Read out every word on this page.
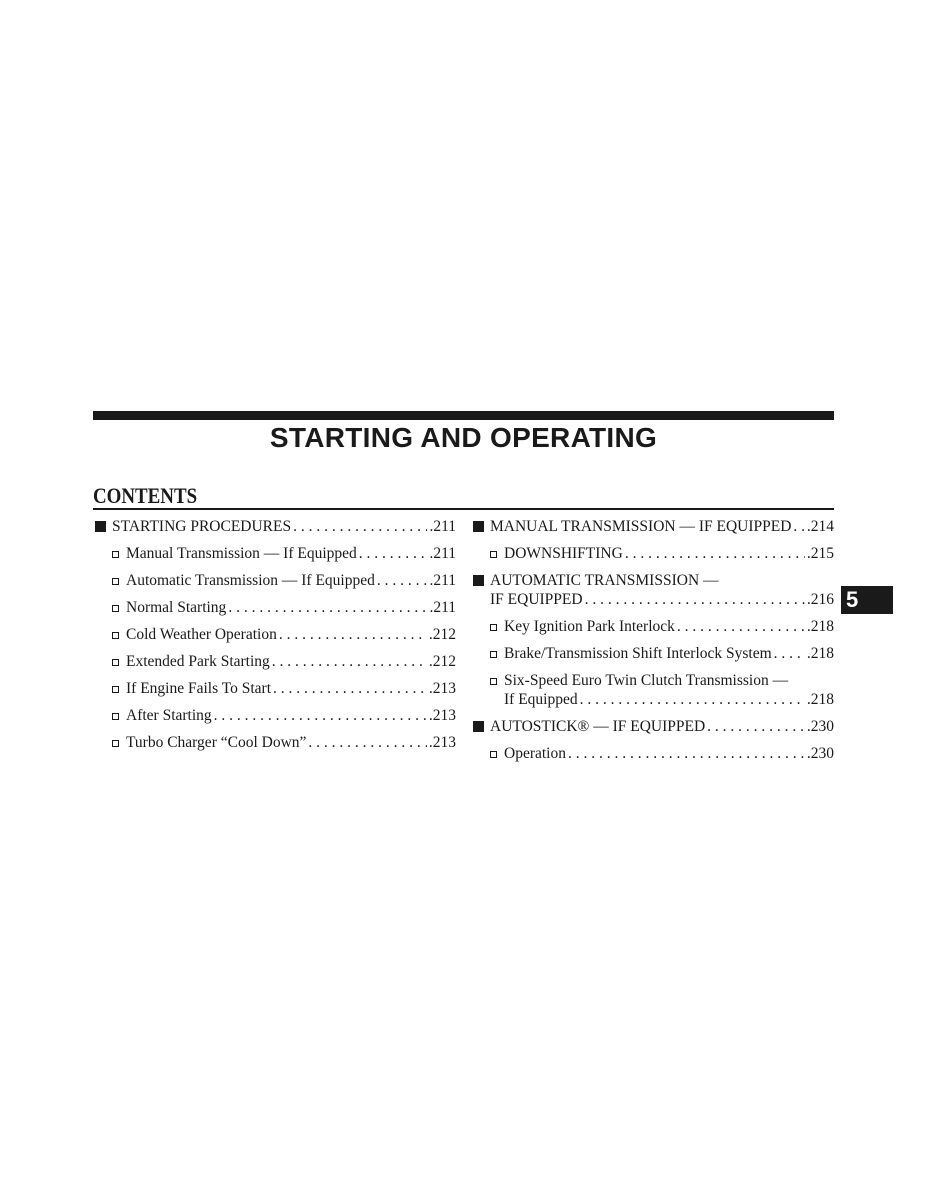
STARTING AND OPERATING
CONTENTS
STARTING PROCEDURES . . .	.211
Manual Transmission — If Equipped . . .	.211
Automatic Transmission — If Equipped . . .	.211
Normal Starting . . .	.211
Cold Weather Operation . . .	.212
Extended Park Starting . . .	.212
If Engine Fails To Start . . .	.213
After Starting . . .	.213
Turbo Charger “Cool Down” . . .	.213
MANUAL TRANSMISSION — IF EQUIPPED . . . .214
DOWNSHIFTING . . .	.215
AUTOMATIC TRANSMISSION —
IF EQUIPPED . . .	.216
Key Ignition Park Interlock . . .	.218
Brake/Transmission Shift Interlock System . . . .218
Six-Speed Euro Twin Clutch Transmission —
If Equipped . . .	.218
AUTOSTICK® — IF EQUIPPED . . .	.230
Operation . . .	.230
5
